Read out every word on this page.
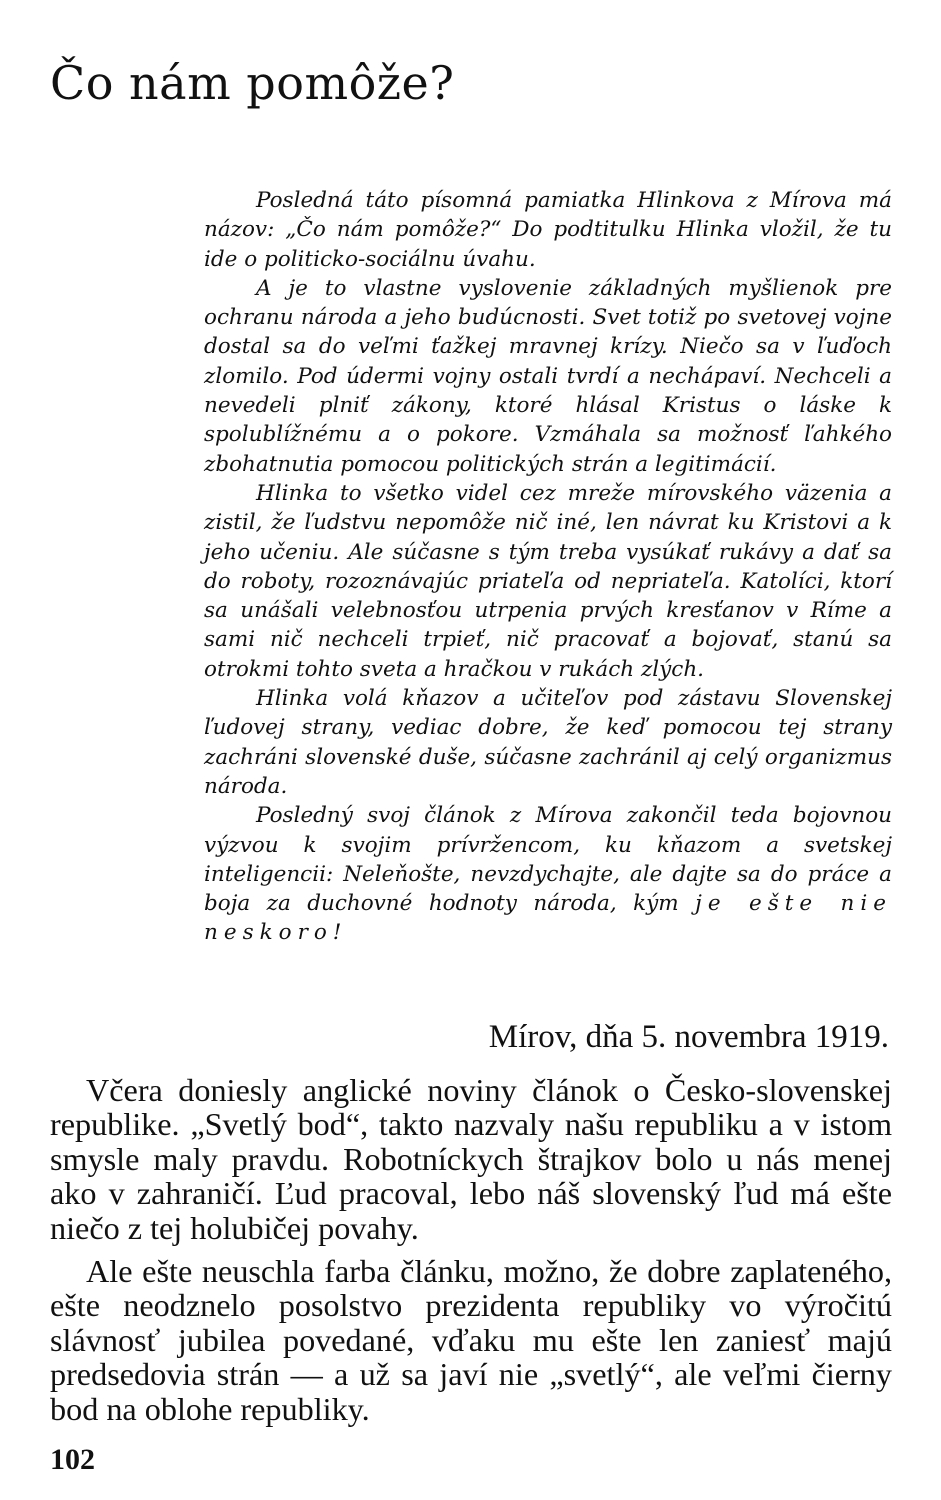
Čo nám pomôže?

Posledná táto písomná pamiatka Hlinkova z Mírova má názov: „Čo nám pomôže?“ Do podtitulku Hlinka vložil, že tu ide o politicko-sociálnu úvahu.

A je to vlastne vyslovenie základných myšlienok pre ochranu národa a jeho budúcnosti. Svet totiž po svetovej vojne dostal sa do veľmi ťažkej mravnej krízy. Niečo sa v ľuďoch zlomilo. Pod údermi vojny ostali tvrdí a nechápaví. Nechceli a nevedeli plniť zákony, ktoré hlásal Kristus o láske k spolublížnému a o pokore. Vzmáhala sa možnosť ľahkého zbohatnutia pomocou politických strán a legitimácií.

Hlinka to všetko videl cez mreže mírovského väzenia a zistil, že ľudstvu nepomôže nič iné, len návrat ku Kristovi a k jeho učeniu. Ale súčasne s tým treba vysúkať rukávy a dať sa do roboty, rozoznávajúc priateľa od nepriateľa. Katolíci, ktorí sa unášali velebnosťou utrpenia prvých kresťanov v Ríme a sami nič nechceli trpieť, nič pracovať a bojovať, stanú sa otrokmi tohto sveta a hračkou v rukách zlých.

Hlinka volá kňazov a učiteľov pod zástavu Slovenskej ľudovej strany, vediac dobre, že keď pomocou tej strany zachráni slovenské duše, súčasne zachránil aj celý organizmus národa.

Posledný svoj článok z Mírova zakončil teda bojovnou výzvou k svojim prívržencom, ku kňazom a svetskej inteligencii: Neleňošte, nevzdychajte, ale dajte sa do práce a boja za duchovné hodnoty národa, kým je ešte nie neskoro!

Mírov, dňa 5. novembra 1919.

Včera doniesly anglické noviny článok o Česko-slovenskej republike. „Svetlý bod“, takto nazvaly našu republiku a v istom smysle maly pravdu. Robotníckych štrajkov bolo u nás menej ako v zahraničí. Ľud pracoval, lebo náš slovenský ľud má ešte niečo z tej holubičej povahy.

Ale ešte neuschla farba článku, možno, že dobre zaplateného, ešte neodznelo posolstvo prezidenta republiky vo výročitú slávnosť jubilea povedané, vďaku mu ešte len zaniesť majú predsedovia strán — a už sa javí nie „svetlý“, ale veľmi čierny bod na oblohe republiky.

102
